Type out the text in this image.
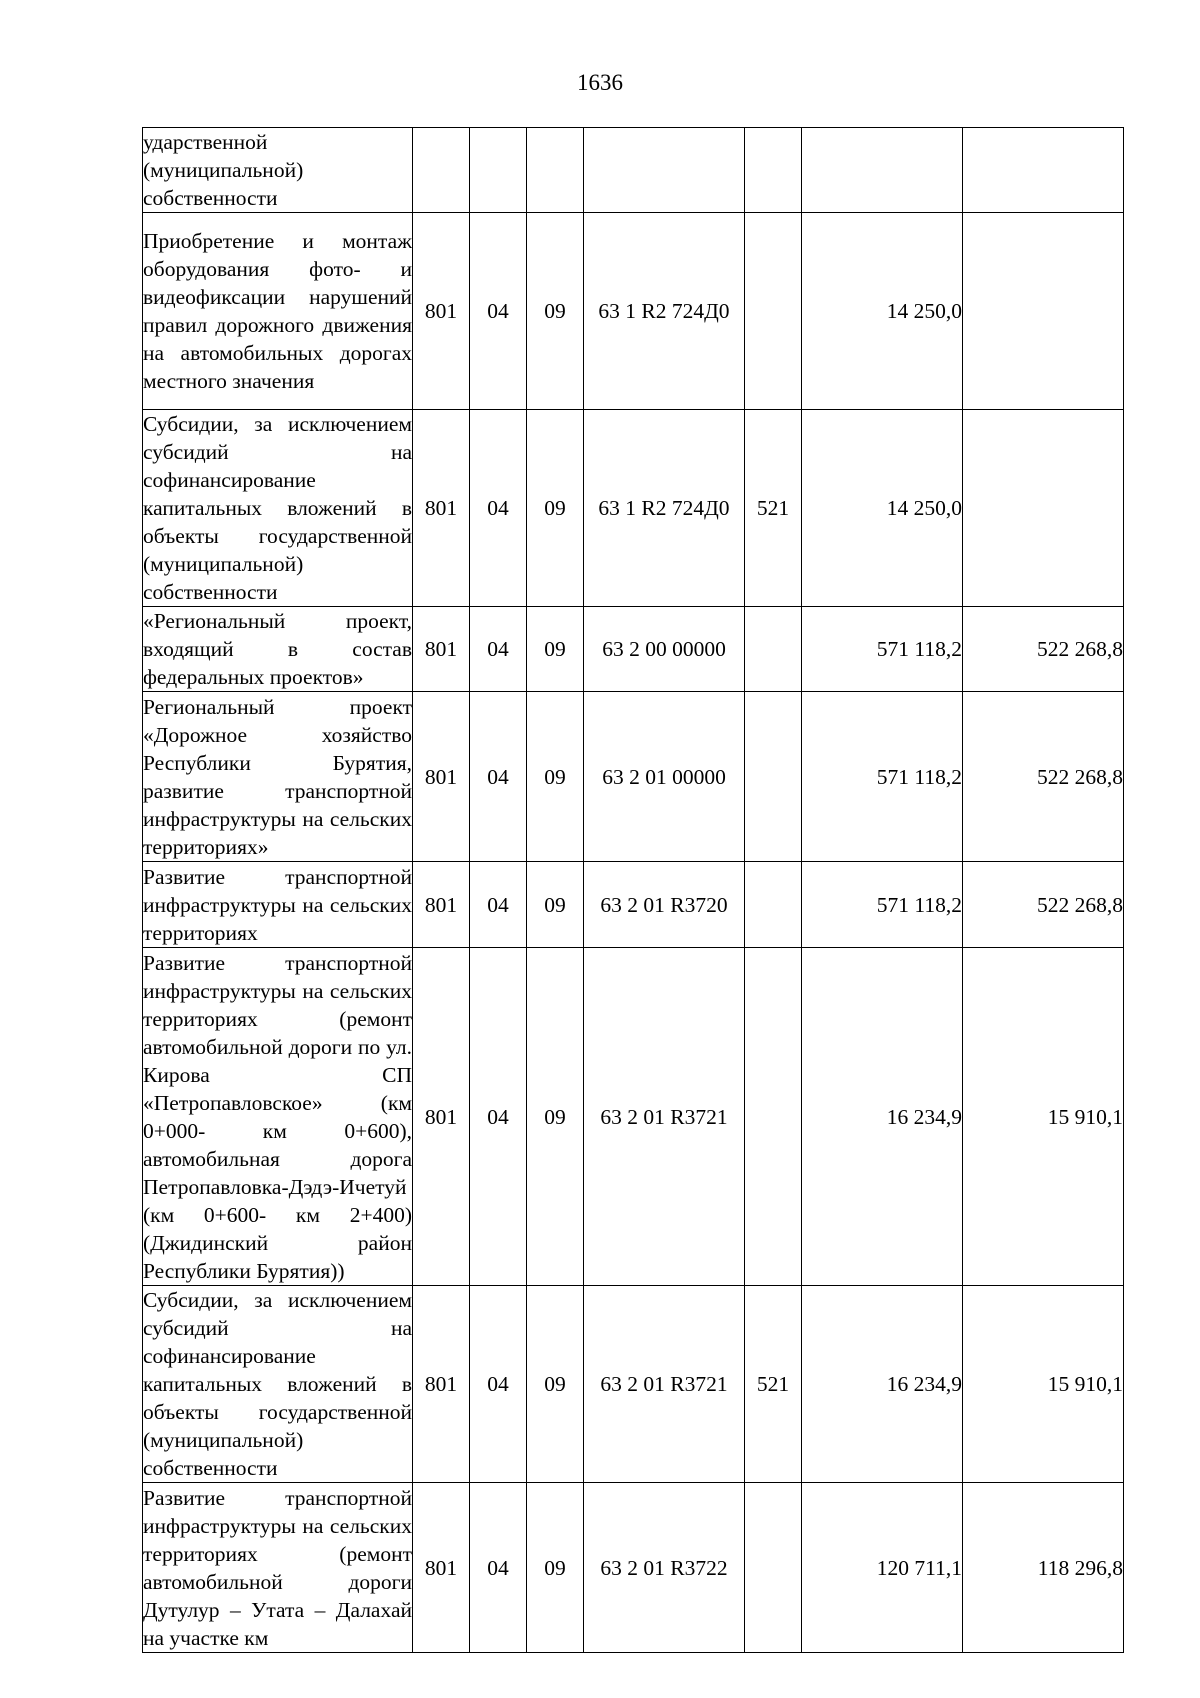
1636
ударственной (муниципальной) собственности							

Приобретение и монтаж оборудования фото- и видеофиксации нарушений правил дорожного движения на автомобильных дорогах местного значения	801	04	09	63 1 R2 724Д0		14 250,0	

Субсидии, за исключением субсидий на софинансирование капитальных вложений в объекты государственной (муниципальной) собственности	801	04	09	63 1 R2 724Д0	521	14 250,0	

«Региональный проект, входящий в состав федеральных проектов»	801	04	09	63 2 00 00000		571 118,2	522 268,8

Региональный проект «Дорожное хозяйство Республики Бурятия, развитие транспортной инфраструктуры на сельских территориях»	801	04	09	63 2 01 00000		571 118,2	522 268,8

Развитие транспортной инфраструктуры на сельских территориях	801	04	09	63 2 01 R3720		571 118,2	522 268,8

Развитие транспортной инфраструктуры на сельских территориях (ремонт автомобильной дороги по ул. Кирова СП «Петропавловское» (км 0+000- км 0+600), автомобильная дорога Петропавловка-Дэдэ-Ичетуй (км 0+600- км 2+400) (Джидинский район Республики Бурятия))	801	04	09	63 2 01 R3721		16 234,9	15 910,1

Субсидии, за исключением субсидий на софинансирование капитальных вложений в объекты государственной (муниципальной) собственности	801	04	09	63 2 01 R3721	521	16 234,9	15 910,1

Развитие транспортной инфраструктуры на сельских территориях (ремонт автомобильной дороги Дутулур – Утата – Далахай на участке км	801	04	09	63 2 01 R3722		120 711,1	118 296,8
